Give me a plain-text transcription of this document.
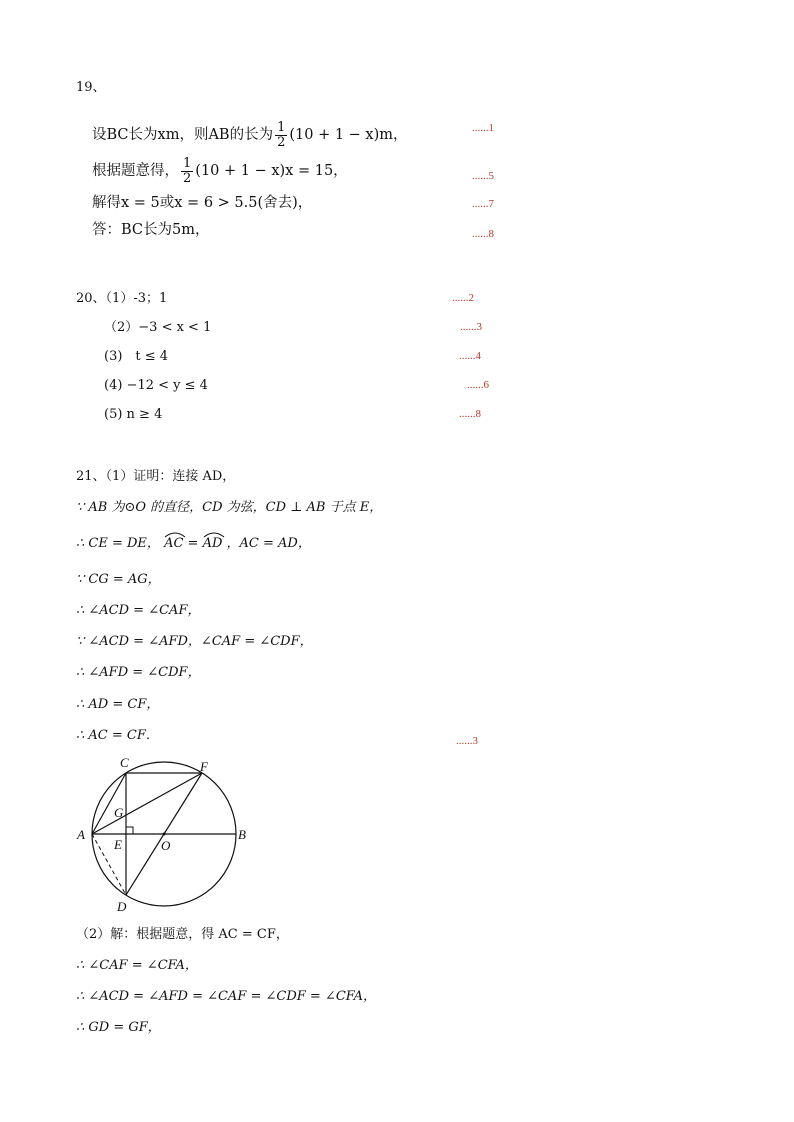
19、
设BC长为xm，则AB的长为 $\frac{1}{2} (10 + 1 - x)m$，
根据题意得， $\frac{1}{2} (10 + 1 - x)x = 15$，
解得x = 5或x = 6 > 5.5(舍去)，
答：BC长为5m，
......1
......5
......7
......8
20、（1）-3；1
（2）−3 < x < 1
(3)　t ≤ 4
(4) −12 < y ≤ 4
(5) n ≥ 4
......2
......3
......4
......6
......8
21、（1）证明：连接 AD，
∵ AB 为⊙O 的直径，CD 为弦，CD ⊥ AB 于点 E，
∴ CE = DE， AC =
AD ，AC = AD，
∵ CG = AG，
∴ ∠ACD = ∠CAF，
∵ ∠ACD = ∠AFD，∠CAF = ∠CDF，
∴ ∠AFD = ∠CDF，
∴ AD = CF，
∴ AC = CF．	......3
C	F
G
A
E	O
B
D
（2）解：根据题意，得 AC = CF，
∴ ∠CAF = ∠CFA，
∴ ∠ACD = ∠AFD = ∠CAF = ∠CDF = ∠CFA，
∴ GD = GF，
